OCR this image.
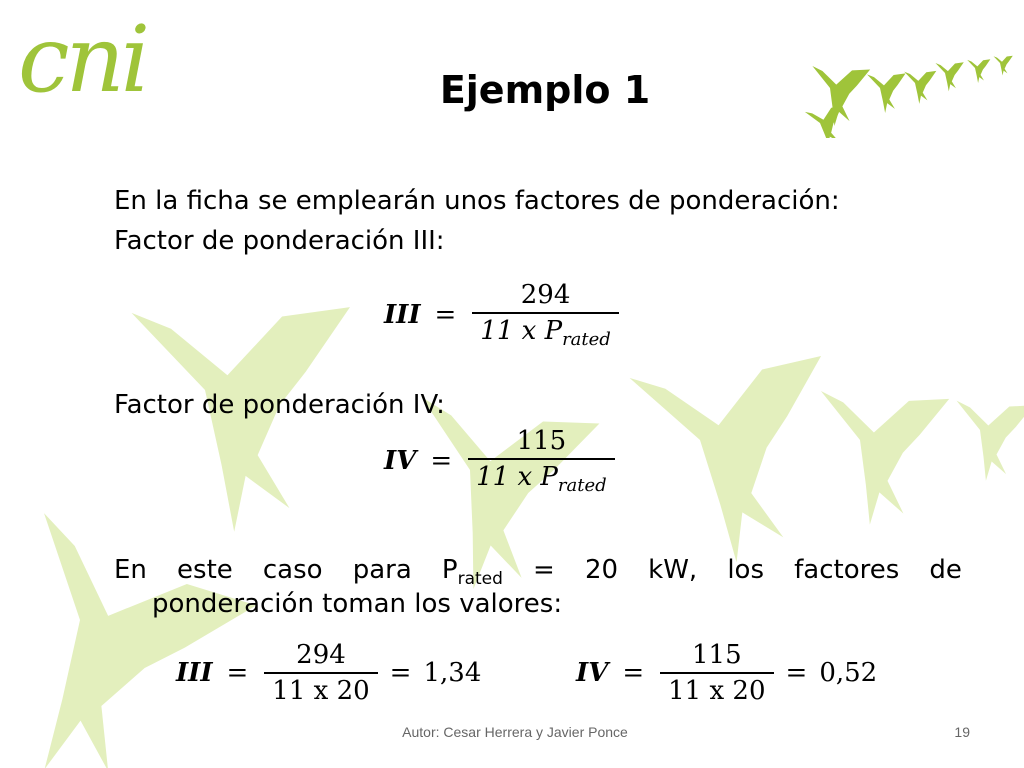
cni	Ejemplo 1
En la ficha se emplearán unos factores de ponderación:
Factor de ponderación III:
III = $\frac{294}{11 x P_{rated}}$
Factor de ponderación IV:
IV = $\frac{115}{11 x P_{rated}}$
En este caso para $P_{rated} = 20$ kW, los factores de
ponderación toman los valores:
III = $\frac{294}{11 x 20} = 1,34$	IV = $\frac{115}{11 x 20} = 0,52$
Autor: Cesar Herrera y Javier Ponce	19
